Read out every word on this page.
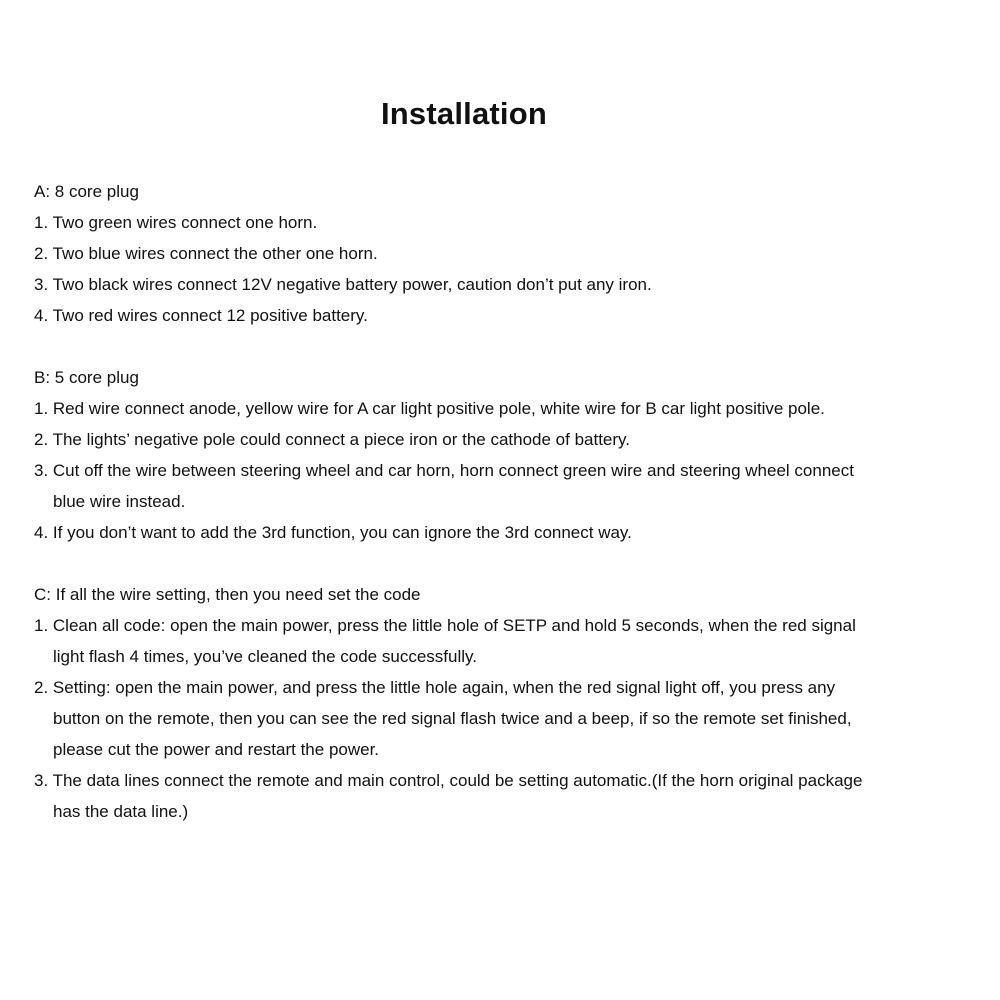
Installation
A: 8 core plug
1. Two green wires connect one horn.
2. Two blue wires connect the other one horn.
3. Two black wires connect 12V negative battery power, caution don’t put any iron.
4. Two red wires connect 12 positive battery.
B: 5 core plug
1. Red wire connect anode, yellow wire for A car light positive pole, white wire for B car light positive pole.
2. The lights’ negative pole could connect a piece iron or the cathode of battery.
3. Cut off the wire between steering wheel and car horn, horn connect green wire and steering wheel connect
blue wire instead.
4. If you don’t want to add the 3rd function, you can ignore the 3rd connect way.
C: If all the wire setting, then you need set the code
1. Clean all code: open the main power, press the little hole of SETP and hold 5 seconds, when the red signal
light flash 4 times, you’ve cleaned the code successfully.
2. Setting: open the main power, and press the little hole again, when the red signal light off, you press any
button on the remote, then you can see the red signal flash twice and a beep, if so the remote set finished,
please cut the power and restart the power.
3. The data lines connect the remote and main control, could be setting automatic.(If the horn original package
has the data line.)
